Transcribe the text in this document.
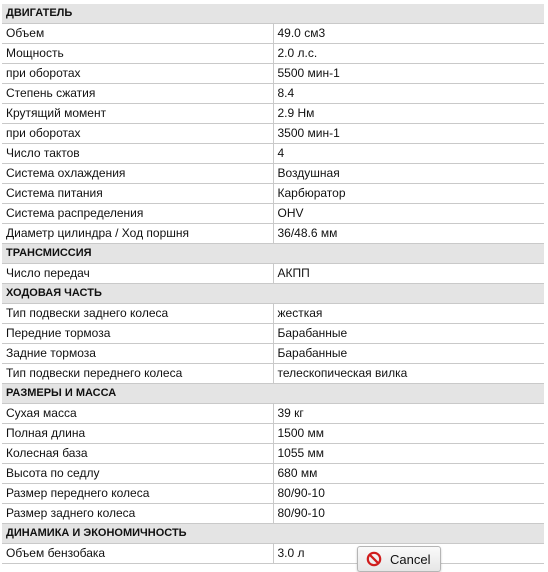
ДВИГАТЕЛЬ	
Объем	49.0 см3
Мощность	2.0 л.с.
при оборотах	5500 мин-1
Степень сжатия	8.4
Крутящий момент	2.9 Нм
при оборотах	3500 мин-1
Число тактов	4
Система охлаждения	Воздушная
Система питания	Карбюратор
Система распределения	OHV
Диаметр цилиндра / Ход поршня	36/48.6 мм
ТРАНСМИССИЯ	
Число передач	АКПП
ХОДОВАЯ ЧАСТЬ	
Тип подвески заднего колеса	жесткая
Передние тормоза	Барабанные
Задние тормоза	Барабанные
Тип подвески переднего колеса	телескопическая вилка
РАЗМЕРЫ И МАССА	
Сухая масса	39 кг
Полная длина	1500 мм
Колесная база	1055 мм
Высота по седлу	680 мм
Размер переднего колеса	80/90-10
Размер заднего колеса	80/90-10
ДИНАМИКА И ЭКОНОМИЧНОСТЬ	
Объем бензобака	3.0 л	Cancel
